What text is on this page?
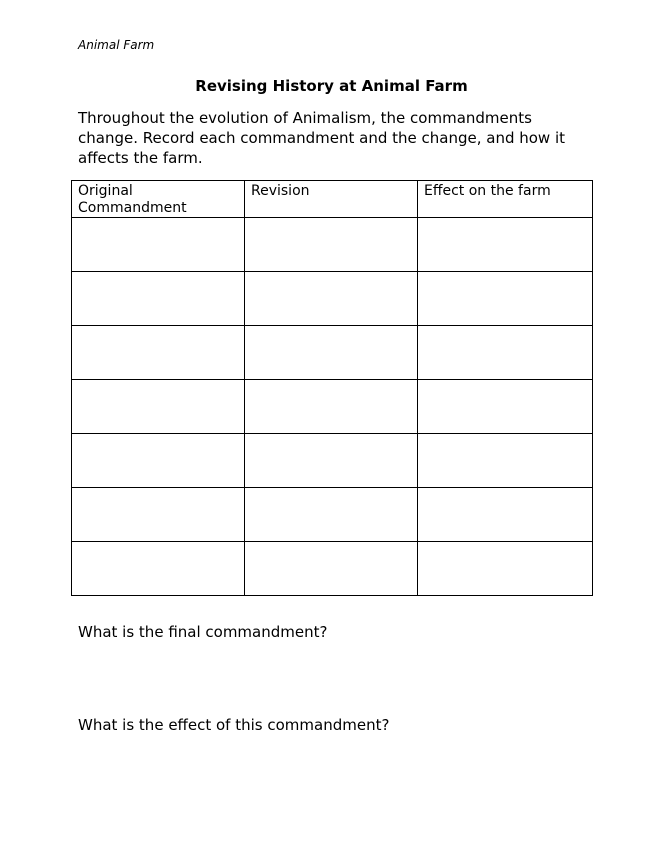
Animal Farm
Revising History at Animal Farm
Throughout the evolution of Animalism, the commandments
change. Record each commandment and the change, and how it
affects the farm.
Original Commandment	Revision	Effect on the farm

What is the final commandment?
What is the effect of this commandment?
